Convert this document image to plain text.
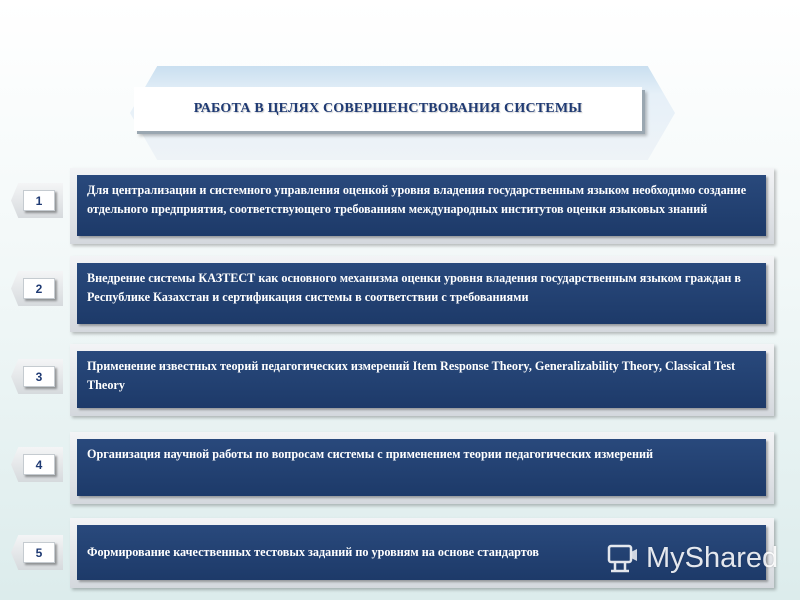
РАБОТА В ЦЕЛЯХ СОВЕРШЕНСТВОВАНИЯ СИСТЕМЫ
Для централизации и системного управления оценкой уровня владения государственным языком необходимо создание отдельного предприятия, соответствующего требованиям международных институтов оценки языковых знаний
1
Внедрение системы КАЗТЕСТ как основного механизма оценки уровня владения государственным языком граждан в Республике Казахстан и сертификация системы в соответствии с требованиями
2
Применение известных теорий педагогических измерений Item Response Theory, Generalizability Theory, Classical Test Theory
3
Организация научной работы по вопросам системы с применением теории педагогических измерений
4
Формирование качественных тестовых заданий по уровням на основе стандартов
5	MyShared
